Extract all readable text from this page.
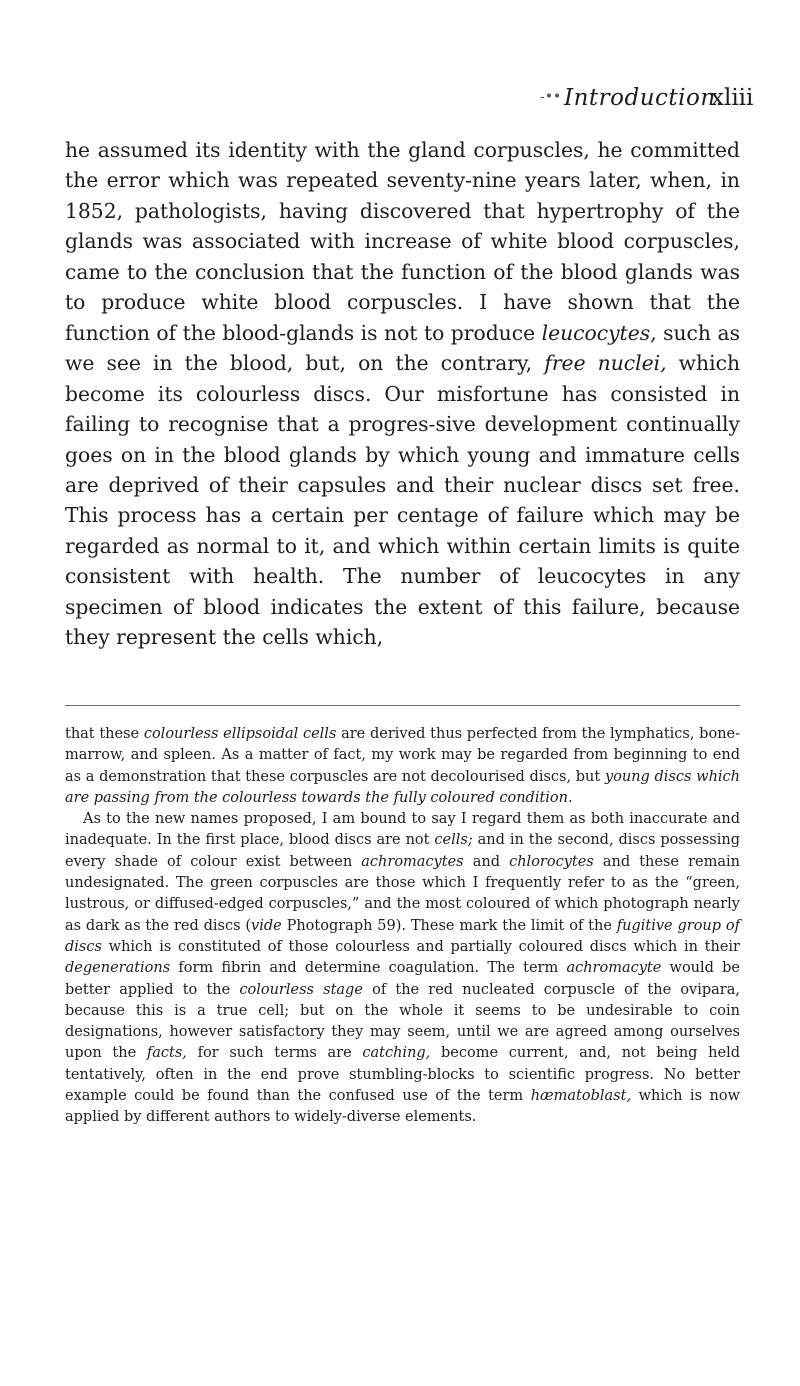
-•• Introduction.
xliii

he assumed its identity with the gland corpuscles, he committed the error which was repeated seventy-nine years later, when, in 1852, pathologists, having discovered that hypertrophy of the glands was associated with increase of white blood corpuscles, came to the conclusion that the function of the blood glands was to produce white blood corpuscles. I have shown that the function of the blood-glands is not to produce leucocytes, such as we see in the blood, but, on the contrary, free nuclei, which become its colourless discs. Our misfortune has consisted in failing to recognise that a progres-sive development continually goes on in the blood glands by which young and immature cells are deprived of their capsules and their nuclear discs set free. This process has a certain per centage of failure which may be regarded as normal to it, and which within certain limits is quite consistent with health. The number of leucocytes in any specimen of blood indicates the extent of this failure, because they represent the cells which,

that these colourless ellipsoidal cells are derived thus perfected from the lymphatics, bone-marrow, and spleen. As a matter of fact, my work may be regarded from beginning to end as a demonstration that these corpuscles are not decolourised discs, but young discs which are passing from the colourless towards the fully coloured condition.

As to the new names proposed, I am bound to say I regard them as both inaccurate and inadequate. In the first place, blood discs are not cells; and in the second, discs possessing every shade of colour exist between achromacytes and chlorocytes and these remain undesignated. The green corpuscles are those which I frequently refer to as the “green, lustrous, or diffused-edged corpuscles,” and the most coloured of which photograph nearly as dark as the red discs (vide Photograph 59). These mark the limit of the fugitive group of discs which is constituted of those colourless and partially coloured discs which in their degenerations form fibrin and determine coagulation. The term achromacyte would be better applied to the colourless stage of the red nucleated corpuscle of the ovipara, because this is a true cell; but on the whole it seems to be undesirable to coin designations, however satisfactory they may seem, until we are agreed among ourselves upon the facts, for such terms are catching, become current, and, not being held tentatively, often in the end prove stumbling-blocks to scientific progress. No better example could be found than the confused use of the term hæmatoblast, which is now applied by different authors to widely-diverse elements.
